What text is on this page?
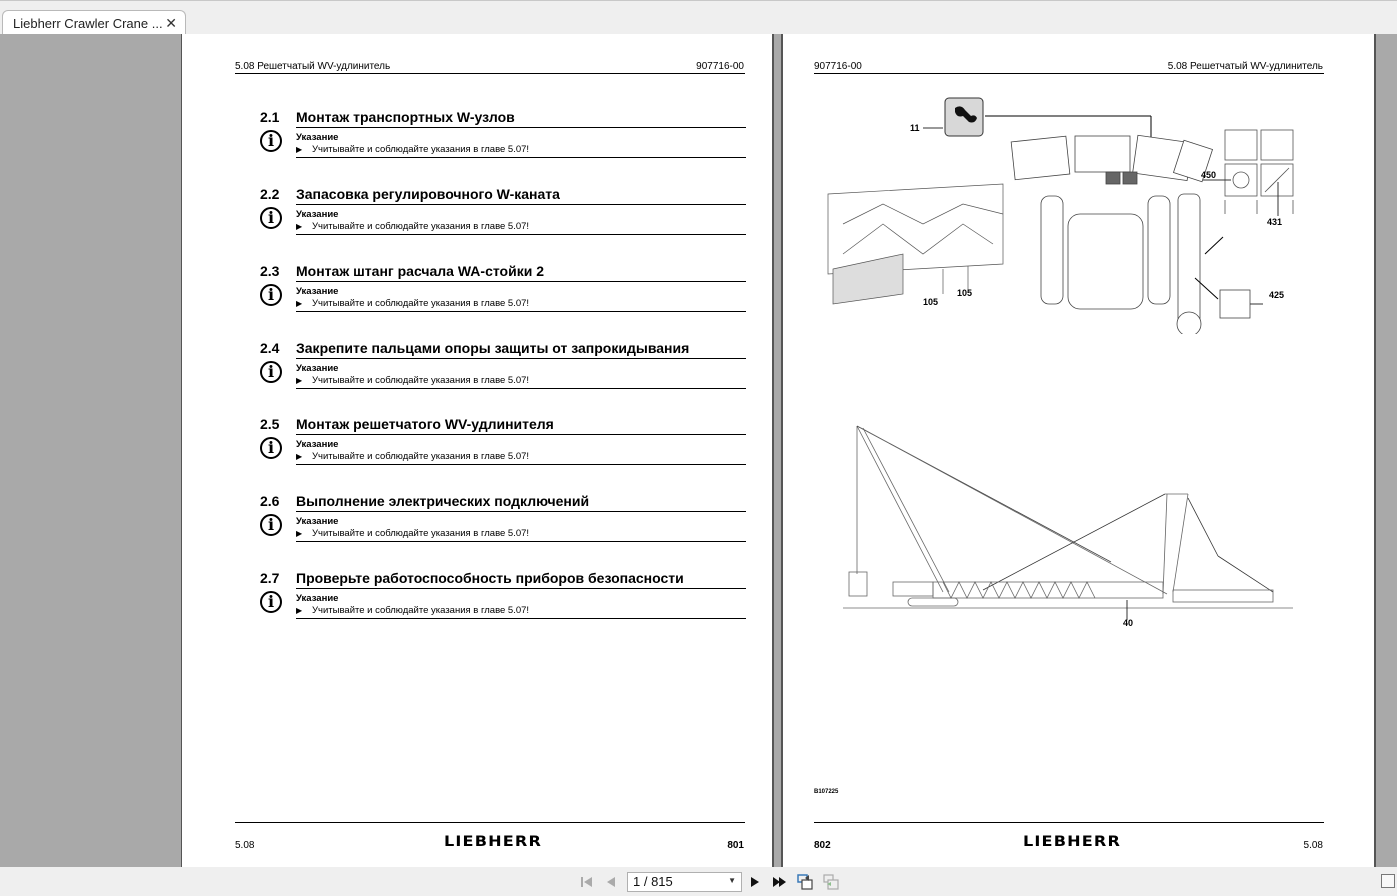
Liebherr Crawler Crane ... ✕
5.08 Решетчатый WV-удлинитель	907716-00
2.1 Монтаж транспортных W-узлов
i	Указание
▶ Учитывайте и соблюдайте указания в главе 5.07!
2.2 Запасовка регулировочного W-каната
i	Указание
▶ Учитывайте и соблюдайте указания в главе 5.07!
2.3 Монтаж штанг расчала WA-стойки 2
i	Указание
▶ Учитывайте и соблюдайте указания в главе 5.07!
2.4 Закрепите пальцами опоры защиты от запрокидывания
i	Указание
▶ Учитывайте и соблюдайте указания в главе 5.07!
2.5 Монтаж решетчатого WV-удлинителя
i	Указание
▶ Учитывайте и соблюдайте указания в главе 5.07!
2.6 Выполнение электрических подключений
i	Указание
▶ Учитывайте и соблюдайте указания в главе 5.07!
2.7 Проверьте работоспособность приборов безопасности
i	Указание
▶ Учитывайте и соблюдайте указания в главе 5.07!
5.08	LIEBHERR	801
907716-00	5.08 Решетчатый WV-удлинитель
11
450
431
105
105	425
40
B107225
802	LIEBHERR	5.08
1 / 815	▼
